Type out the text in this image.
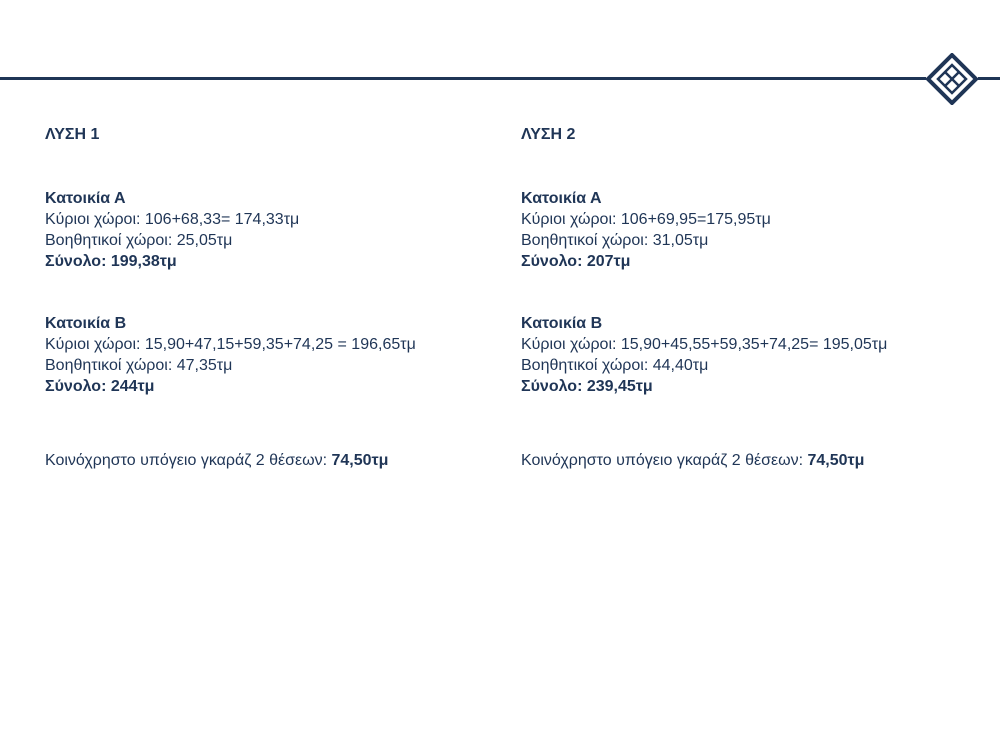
ΛΥΣΗ 1
Κατοικία Α
Κύριοι χώροι: 106+68,33= 174,33τμ
Βοηθητικοί χώροι: 25,05τμ
Σύνολο: 199,38τμ
Κατοικία Β
Κύριοι χώροι: 15,90+47,15+59,35+74,25 = 196,65τμ
Βοηθητικοί χώροι: 47,35τμ
Σύνολο: 244τμ
Κοινόχρηστο υπόγειο γκαράζ 2 θέσεων: 74,50τμ
ΛΥΣΗ 2
Κατοικία Α
Κύριοι χώροι: 106+69,95=175,95τμ
Βοηθητικοί χώροι: 31,05τμ
Σύνολο: 207τμ
Κατοικία Β
Κύριοι χώροι: 15,90+45,55+59,35+74,25= 195,05τμ
Βοηθητικοί χώροι: 44,40τμ
Σύνολο: 239,45τμ
Κοινόχρηστο υπόγειο γκαράζ 2 θέσεων: 74,50τμ
